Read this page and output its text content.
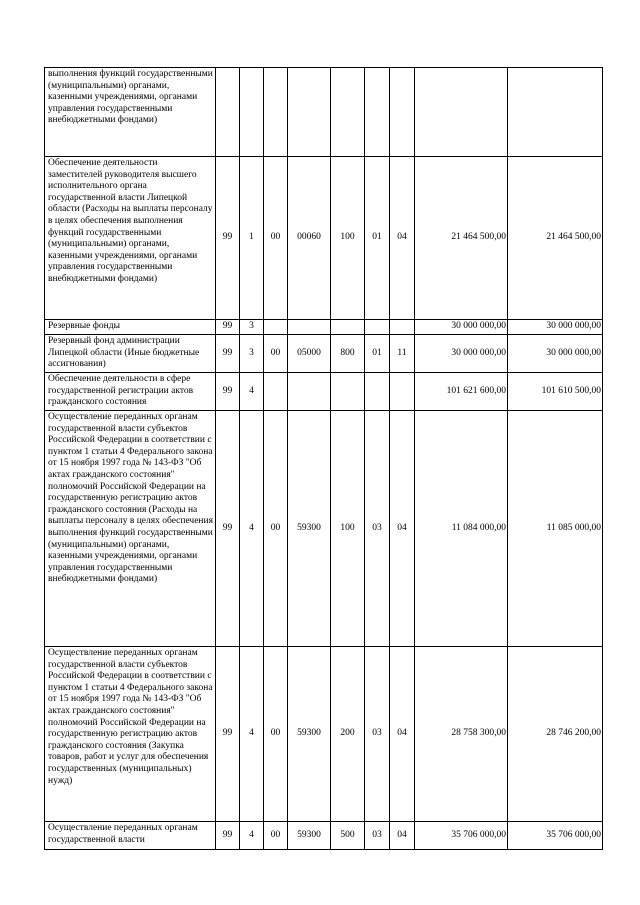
выполнения функций государственными (муниципальными) органами, казенными учреждениями, органами управления государственными внебюджетными фондами)									
Обеспечение деятельности заместителей руководителя высшего исполнительного органа государственной власти Липецкой области (Расходы на выплаты персоналу в целях обеспечения выполнения функций государственными (муниципальными) органами, казенными учреждениями, органами управления государственными внебюджетными фондами)	99	1	00	00060	100	01	04	21 464 500,00	21 464 500,00
Резервные фонды	99	3						30 000 000,00	30 000 000,00
Резервный фонд администрации Липецкой области (Иные бюджетные ассигнования)	99	3	00	05000	800	01	11	30 000 000,00	30 000 000,00
Обеспечение деятельности в сфере государственной регистрации актов гражданского состояния	99	4						101 621 600,00	101 610 500,00
Осуществление переданных органам государственной власти субъектов Российской Федерации в соответствии с пунктом 1 статьи 4 Федерального закона от 15 ноября 1997 года № 143-ФЗ "Об актах гражданского состояния" полномочий Российской Федерации на государственную регистрацию актов гражданского состояния (Расходы на выплаты персоналу в целях обеспечения выполнения функций государственными (муниципальными) органами, казенными учреждениями, органами управления государственными внебюджетными фондами)	99	4	00	59300	100	03	04	11 084 000,00	11 085 000,00
Осуществление переданных органам государственной власти субъектов Российской Федерации в соответствии с пунктом 1 статьи 4 Федерального закона от 15 ноября 1997 года № 143-ФЗ "Об актах гражданского состояния" полномочий Российской Федерации на государственную регистрацию актов гражданского состояния (Закупка товаров, работ и услуг для обеспечения государственных (муниципальных) нужд)	99	4	00	59300	200	03	04	28 758 300,00	28 746 200,00
Осуществление переданных органам государственной власти	99	4	00	59300	500	03	04	35 706 000,00	35 706 000,00
